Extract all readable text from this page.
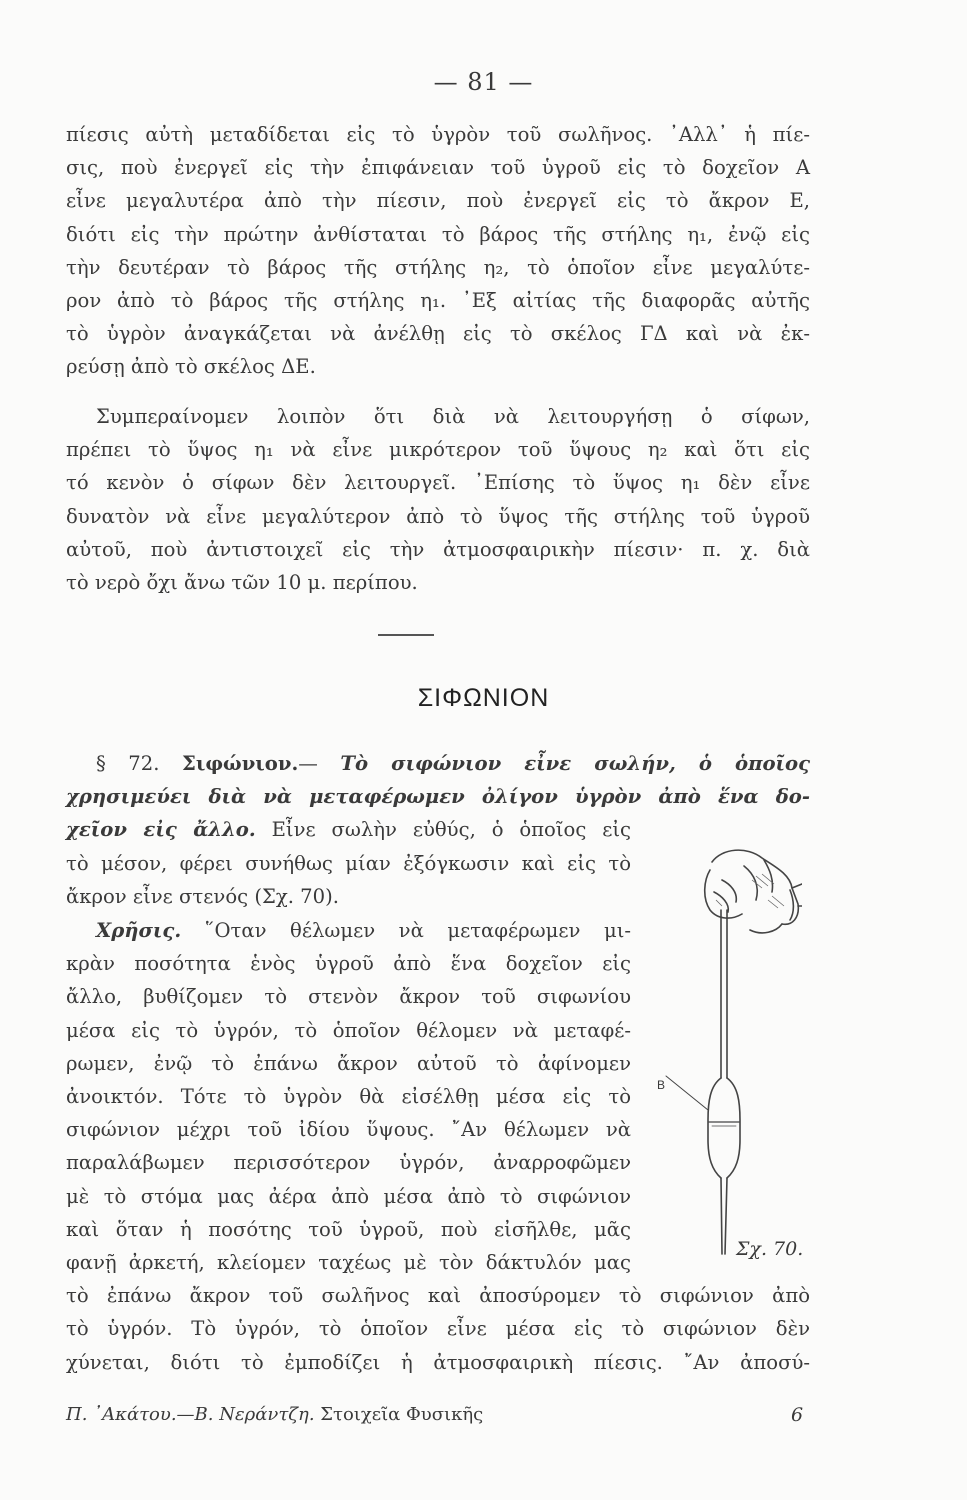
— 81 —
πίεσις αὐτὴ μεταδίδεται εἰς τὸ ὑγρὸν τοῦ σωλῆνος. ᾿Αλλ᾿ ἡ πίε-
σις, ποὺ ἐνεργεῖ εἰς τὴν ἐπιφάνειαν τοῦ ὑγροῦ εἰς τὸ δοχεῖον Α
εἶνε μεγαλυτέρα ἀπὸ τὴν πίεσιν, ποὺ ἐνεργεῖ εἰς τὸ ἄκρον Ε,
διότι εἰς τὴν πρώτην ἀνθίσταται τὸ βάρος τῆς στήλης η₁, ἐνῷ εἰς
τὴν δευτέραν τὸ βάρος τῆς στήλης η₂, τὸ ὁποῖον εἶνε μεγαλύτε-
ρον ἀπὸ τὸ βάρος τῆς στήλης η₁. ᾿Εξ αἰτίας τῆς διαφορᾶς αὐτῆς
τὸ ὑγρὸν ἀναγκάζεται νὰ ἀνέλθῃ εἰς τὸ σκέλος ΓΔ καὶ νὰ ἐκ-
ρεύσῃ ἀπὸ τὸ σκέλος ΔΕ.
Συμπεραίνομεν λοιπὸν ὅτι διὰ νὰ λειτουργήσῃ ὁ σίφων,
πρέπει τὸ ὕψος η₁ νὰ εἶνε μικρότερον τοῦ ὕψους η₂ καὶ ὅτι εἰς
τό κενὸν ὁ σίφων δὲν λειτουργεῖ. ᾿Επίσης τὸ ὕψος η₁ δὲν εἶνε
δυνατὸν νὰ εἶνε μεγαλύτερον ἀπὸ τὸ ὕψος τῆς στήλης τοῦ ὑγροῦ
αὐτοῦ, ποὺ ἀντιστοιχεῖ εἰς τὴν ἀτμοσφαιρικὴν πίεσιν· π. χ. διὰ
τὸ νερὸ ὄχι ἄνω τῶν 10 μ. περίπου.
ΣΙΦΩΝΙΟΝ
§ 72. Σιφώνιον.— Τὸ σιφώνιον εἶνε σωλήν, ὁ ὁποῖος
χρησιμεύει διὰ νὰ μεταφέρωμεν ὀλίγον ὑγρὸν ἀπὸ ἕνα δο-
χεῖον εἰς ἄλλο. Εἶνε σωλὴν εὐθύς, ὁ ὁποῖος εἰς
τὸ μέσον, φέρει συνήθως μίαν ἐξόγκωσιν καὶ εἰς τὸ
ἄκρον εἶνε στενός (Σχ. 70).
Χρῆσις. ῞Οταν θέλωμεν νὰ μεταφέρωμεν μι-
κρὰν ποσότητα ἑνὸς ὑγροῦ ἀπὸ ἕνα δοχεῖον εἰς
ἄλλο, βυθίζομεν τὸ στενὸν ἄκρον τοῦ σιφωνίου
μέσα εἰς τὸ ὑγρόν, τὸ ὁποῖον θέλομεν νὰ μεταφέ-
ρωμεν, ἐνῷ τὸ ἐπάνω ἄκρον αὐτοῦ τὸ ἀφίνομεν
ἀνοικτόν. Τότε τὸ ὑγρὸν θὰ εἰσέλθῃ μέσα εἰς τὸ
σιφώνιον μέχρι τοῦ ἰδίου ὕψους. ῎Αν θέλωμεν νὰ
παραλάβωμεν περισσότερον ὑγρόν, ἀναρροφῶμεν
μὲ τὸ στόμα μας ἀέρα ἀπὸ μέσα ἀπὸ τὸ σιφώνιον
καὶ ὅταν ἡ ποσότης τοῦ ὑγροῦ, ποὺ εἰσῆλθε, μᾶς
φανῇ ἀρκετή, κλείομεν ταχέως μὲ τὸν δάκτυλόν μας
τὸ ἐπάνω ἄκρον τοῦ σωλῆνος καὶ ἀποσύρομεν τὸ σιφώνιον ἀπὸ
τὸ ὑγρόν. Τὸ ὑγρόν, τὸ ὁποῖον εἶνε μέσα εἰς τὸ σιφώνιον δὲν
χύνεται, διότι τὸ ἐμποδίζει ἡ ἀτμοσφαιρικὴ πίεσις. ῎Αν ἀποσύ-
Β
Σχ. 70.
Π. ᾿Ακάτου.—Β. Νεράντζη. Στοιχεῖα Φυσικῆς	6
